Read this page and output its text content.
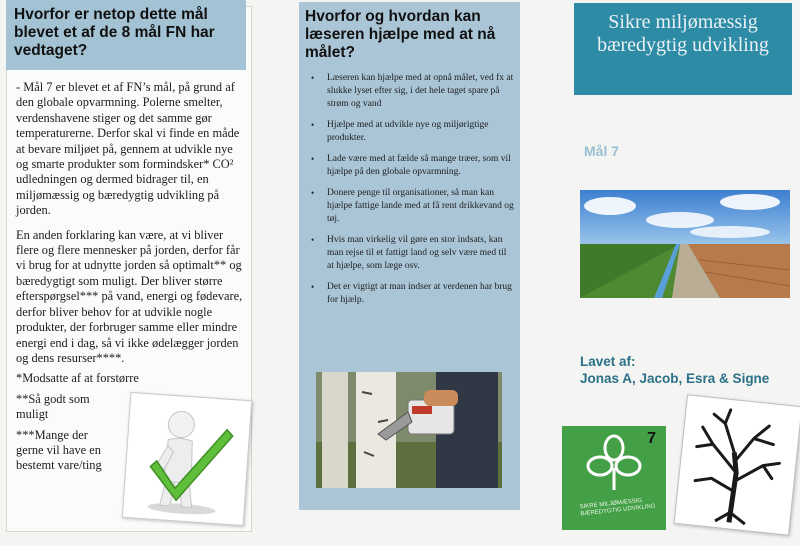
Hvorfor er netop dette mål blevet et af de 8 mål FN har vedtaget?

- Mål 7 er blevet et af FN’s mål, på grund af den globale opvarmning. Polerne smelter, verdenshavene stiger og det samme gør temperaturerne. Derfor skal vi finde en måde at bevare miljøet på, gennem at udvikle nye og smarte produkter som formindsker* CO² udledningen og dermed bidrager til, en miljømæssig og bæredygtig udvikling på jorden.

En anden forklaring kan være, at vi bliver flere og flere mennesker på jorden, derfor får vi brug for at udnytte jorden så optimalt** og bæredygtigt som muligt. Der bliver større efterspørgsel*** på vand, energi og fødevare, derfor bliver behov for at udvikle nogle produkter, der forbruger samme eller mindre energi end i dag, så vi ikke ødelægger jorden og dens resurser****.

*Modsatte af at forstørre
**Så godt som
muligt
***Mange der
gerne vil have en
bestemt vare/ting
Hvorfor og hvordan kan læseren hjælpe med at nå målet?
• Læseren kan hjælpe med at opnå målet, ved fx at slukke lyset efter sig, i det hele taget spare på strøm og vand
• Hjælpe med at udvikle nye og miljørigtige produkter.
• Lade være med at fælde så mange træer, som vil hjælpe på den globale opvarmning.
• Donere penge til organisationer, så man kan hjælpe fattige lande med at få rent drikkevand og tøj.
• Hvis man virkelig vil gøre en stor indsats, kan man rejse til et fattigt land og selv være med til at hjælpe, som læge osv.
• Det er vigtigt at man indser at verdenen har brug for hjælp.
Sikre miljømæssig bæredygtig udvikling
Mål 7
Lavet af:
Jonas A, Jacob, Esra & Signe
7
SIKRE MILJØMÆSSIG BÆREDYGTIG UDVIKLING
